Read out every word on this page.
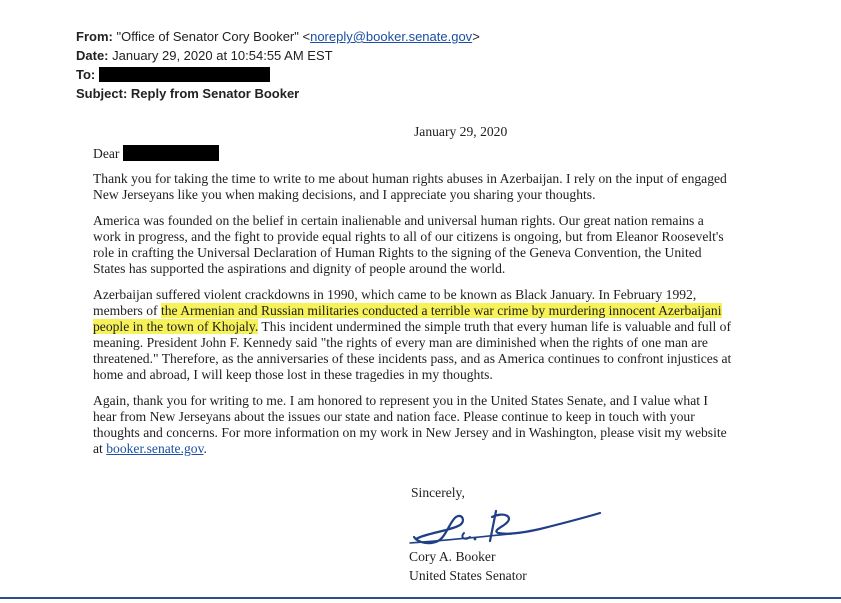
From: "Office of Senator Cory Booker" <noreply@booker.senate.gov>
Date: January 29, 2020 at 10:54:55 AM EST
To:
Subject: Reply from Senator Booker
January 29, 2020

Dear

Thank you for taking the time to write to me about human rights abuses in Azerbaijan. I rely on the input of engaged New Jerseyans like you when making decisions, and I appreciate you sharing your thoughts.

America was founded on the belief in certain inalienable and universal human rights. Our great nation remains a work in progress, and the fight to provide equal rights to all of our citizens is ongoing, but from Eleanor Roosevelt's role in crafting the Universal Declaration of Human Rights to the signing of the Geneva Convention, the United States has supported the aspirations and dignity of people around the world.

Azerbaijan suffered violent crackdowns in 1990, which came to be known as Black January. In February 1992, members of the Armenian and Russian militaries conducted a terrible war crime by murdering innocent Azerbaijani people in the town of Khojaly. This incident undermined the simple truth that every human life is valuable and full of meaning. President John F. Kennedy said "the rights of every man are diminished when the rights of one man are threatened." Therefore, as the anniversaries of these incidents pass, and as America continues to confront injustices at home and abroad, I will keep those lost in these tragedies in my thoughts.

Again, thank you for writing to me. I am honored to represent you in the United States Senate, and I value what I hear from New Jerseyans about the issues our state and nation face. Please continue to keep in touch with your thoughts and concerns. For more information on my work in New Jersey and in Washington, please visit my website at booker.senate.gov.

Sincerely,
Cory A. Booker
United States Senator
